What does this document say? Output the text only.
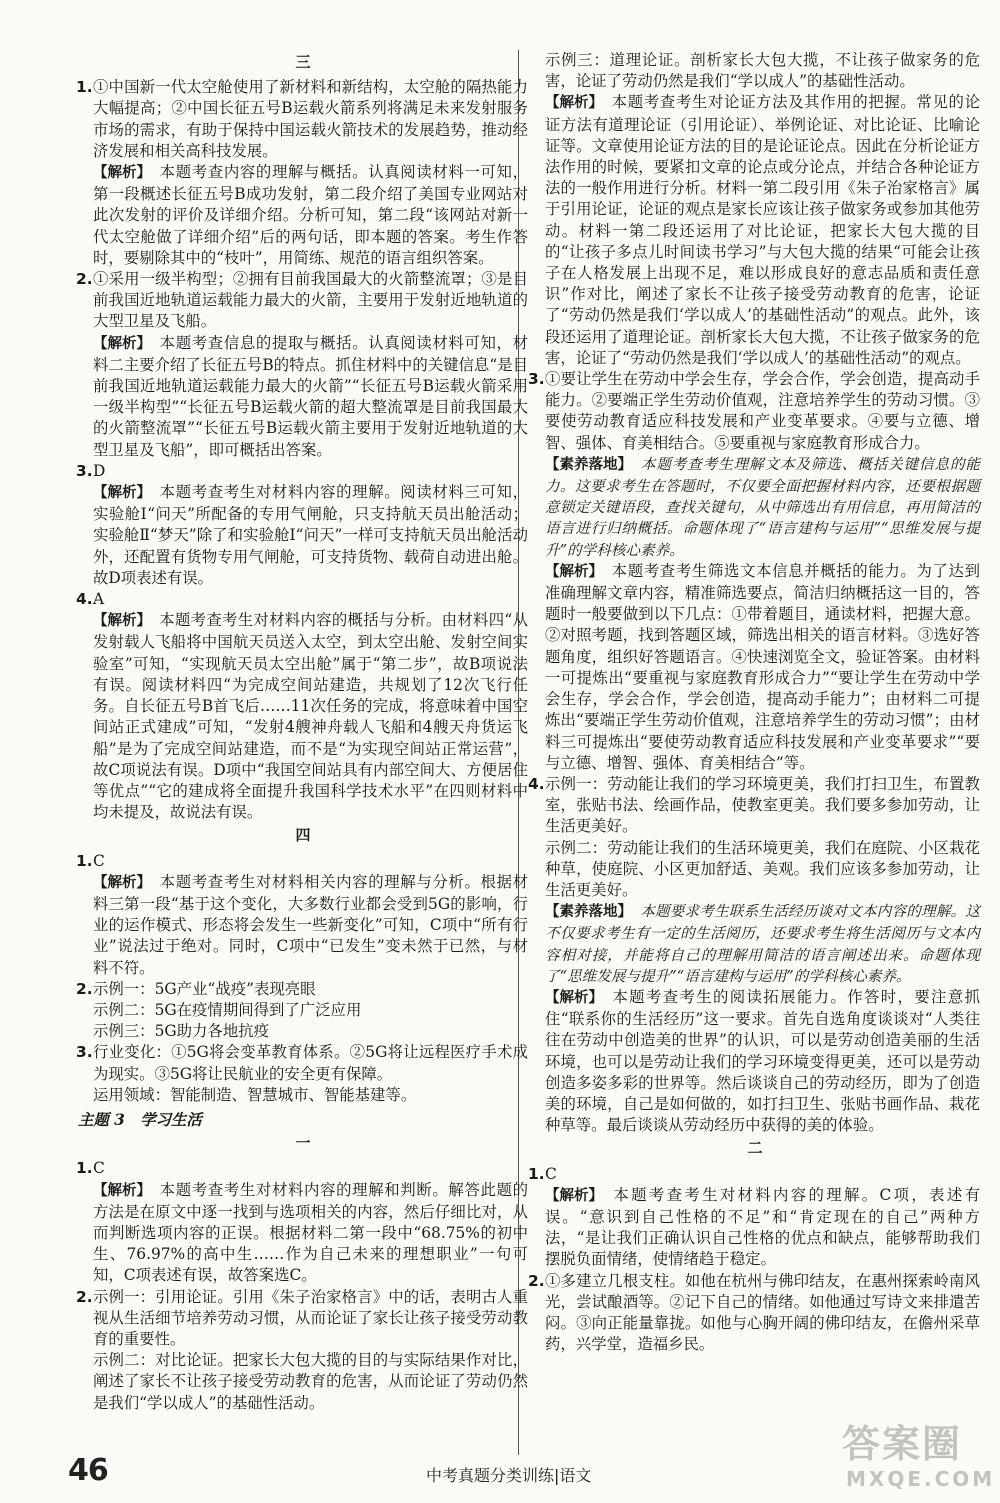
三
1. ①中国新一代太空舱使用了新材料和新结构，太空舱的隔热能力大幅提高；②中国长征五号B运载火箭系列将满足未来发射服务市场的需求，有助于保持中国运载火箭技术的发展趋势，推动经济发展和相关高科技发展。
【解析】 本题考查内容的理解与概括。认真阅读材料一可知，第一段概述长征五号B成功发射，第二段介绍了美国专业网站对此次发射的评价及详细介绍。分析可知，第二段“该网站对新一代太空舱做了详细介绍”后的两句话，即本题的答案。考生作答时，要剔除其中的“枝叶”，用简练、规范的语言组织答案。
2. ①采用一级半构型；②拥有目前我国最大的火箭整流罩；③是目前我国近地轨道运载能力最大的火箭，主要用于发射近地轨道的大型卫星及飞船。
【解析】 本题考查信息的提取与概括。认真阅读材料可知，材料二主要介绍了长征五号B的特点。抓住材料中的关键信息“是目前我国近地轨道运载能力最大的火箭”“长征五号B运载火箭采用一级半构型”“长征五号B运载火箭的超大整流罩是目前我国最大的火箭整流罩”“长征五号B运载火箭主要用于发射近地轨道的大型卫星及飞船”，即可概括出答案。
3. D
【解析】 本题考查考生对材料内容的理解。阅读材料三可知，实验舱Ⅰ“问天”所配备的专用气闸舱，只支持航天员出舱活动；实验舱Ⅱ“梦天”除了和实验舱Ⅰ“问天”一样可支持航天员出舱活动外，还配置有货物专用气闸舱，可支持货物、载荷自动进出舱。故D项表述有误。
4. A
【解析】 本题考查考生对材料内容的概括与分析。由材料四“从发射载人飞船将中国航天员送入太空，到太空出舱、发射空间实验室”可知，“实现航天员太空出舱”属于“第二步”，故B项说法有误。阅读材料四“为完成空间站建造，共规划了12次飞行任务。自长征五号B首飞后……11次任务的完成，将意味着中国空间站正式建成”可知，“发射4艘神舟载人飞船和4艘天舟货运飞船”是为了完成空间站建造，而不是“为实现空间站正常运营”，故C项说法有误。D项中“我国空间站具有内部空间大、方便居住等优点”“它的建成将全面提升我国科学技术水平”在四则材料中均未提及，故说法有误。
四
1. C
【解析】 本题考查考生对材料相关内容的理解与分析。根据材料三第一段“基于这个变化，大多数行业都会受到5G的影响，行业的运作模式、形态将会发生一些新变化”可知，C项中“所有行业”说法过于绝对。同时，C项中“已发生”变未然于已然，与材料不符。
2. 示例一：5G产业“战疫”表现亮眼
示例二：5G在疫情期间得到了广泛应用
示例三：5G助力各地抗疫
3. 行业变化：①5G将会变革教育体系。②5G将让远程医疗手术成为现实。③5G将让民航业的安全更有保障。
运用领域：智能制造、智慧城市、智能基建等。
主题 3　学习生活
一
1. C
【解析】 本题考查考生对材料内容的理解和判断。解答此题的方法是在原文中逐一找到与选项相关的内容，然后仔细比对，从而判断选项内容的正误。根据材料二第一段中“68.75%的初中生、76.97%的高中生……作为自己未来的理想职业”一句可知，C项表述有误，故答案选C。
2. 示例一：引用论证。引用《朱子治家格言》中的话，表明古人重视从生活细节培养劳动习惯，从而论证了家长让孩子接受劳动教育的重要性。
示例二：对比论证。把家长大包大揽的目的与实际结果作对比，阐述了家长不让孩子接受劳动教育的危害，从而论证了劳动仍然是我们“学以成人”的基础性活动。
示例三：道理论证。剖析家长大包大揽，不让孩子做家务的危害，论证了劳动仍然是我们“学以成人”的基础性活动。
【解析】 本题考查考生对论证方法及其作用的把握。常见的论证方法有道理论证（引用论证）、举例论证、对比论证、比喻论证等。文章使用论证方法的目的是论证论点。因此在分析论证方法作用的时候，要紧扣文章的论点或分论点，并结合各种论证方法的一般作用进行分析。材料一第二段引用《朱子治家格言》属于引用论证，论证的观点是家长应该让孩子做家务或参加其他劳动。材料一第二段还运用了对比论证，把家长大包大揽的目的“让孩子多点儿时间读书学习”与大包大揽的结果“可能会让孩子在人格发展上出现不足，难以形成良好的意志品质和责任意识”作对比，阐述了家长不让孩子接受劳动教育的危害，论证了“劳动仍然是我们‘学以成人’的基础性活动”的观点。此外，该段还运用了道理论证。剖析家长大包大揽，不让孩子做家务的危害，论证了“劳动仍然是我们‘学以成人’的基础性活动”的观点。
3. ①要让学生在劳动中学会生存，学会合作，学会创造，提高动手能力。②要端正学生劳动价值观，注意培养学生的劳动习惯。③要使劳动教育适应科技发展和产业变革要求。④要与立德、增智、强体、育美相结合。⑤要重视与家庭教育形成合力。
【素养落地】 本题考查考生理解文本及筛选、概括关键信息的能力。这要求考生在答题时，不仅要全面把握材料内容，还要根据题意锁定关键语段，查找关键句，从中筛选出有用信息，再用简洁的语言进行归纳概括。命题体现了“语言建构与运用”“思维发展与提升”的学科核心素养。
【解析】 本题考查考生筛选文本信息并概括的能力。为了达到准确理解文章内容，精准筛选要点，简洁归纳概括这一目的，答题时一般要做到以下几点：①带着题目，通读材料，把握大意。②对照考题，找到答题区域，筛选出相关的语言材料。③选好答题角度，组织好答题语言。④快速浏览全文，验证答案。由材料一可提炼出“要重视与家庭教育形成合力”“要让学生在劳动中学会生存，学会合作，学会创造，提高动手能力”；由材料二可提炼出“要端正学生劳动价值观，注意培养学生的劳动习惯”；由材料三可提炼出“要使劳动教育适应科技发展和产业变革要求”“要与立德、增智、强体、育美相结合”等。
4. 示例一：劳动能让我们的学习环境更美，我们打扫卫生，布置教室，张贴书法、绘画作品，使教室更美。我们要多参加劳动，让生活更美好。
示例二：劳动能让我们的生活环境更美，我们在庭院、小区栽花种草，使庭院、小区更加舒适、美观。我们应该多参加劳动，让生活更美好。
【素养落地】 本题要求考生联系生活经历谈对文本内容的理解。这不仅要求考生有一定的生活阅历，还要求考生将生活阅历与文本内容相对接，并能将自己的理解用简洁的语言阐述出来。命题体现了“思维发展与提升”“语言建构与运用”的学科核心素养。
【解析】 本题考查考生的阅读拓展能力。作答时，要注意抓住“联系你的生活经历”这一要求。首先自选角度谈谈对“人类往往在劳动中创造美的世界”的认识，可以是劳动创造美丽的生活环境，也可以是劳动让我们的学习环境变得更美，还可以是劳动创造多姿多彩的世界等。然后谈谈自己的劳动经历，即为了创造美的环境，自己是如何做的，如打扫卫生、张贴书画作品、栽花种草等。最后谈谈从劳动经历中获得的美的体验。
二
1. C
【解析】 本题考查考生对材料内容的理解。C项，表述有误。“意识到自己性格的不足”和“肯定现在的自己”两种方法，“是让我们正确认识自己性格的优点和缺点，能够帮助我们摆脱负面情绪，使情绪趋于稳定。
2. ①多建立几根支柱。如他在杭州与佛印结友，在惠州探索岭南风光，尝试酿酒等。②记下自己的情绪。如他通过写诗文来排遣苦闷。③向正能量靠拢。如他与心胸开阔的佛印结友，在儋州采草药，兴学堂，造福乡民。
46	中考真题分类训练|语文
答案圈
MXQE.COM
